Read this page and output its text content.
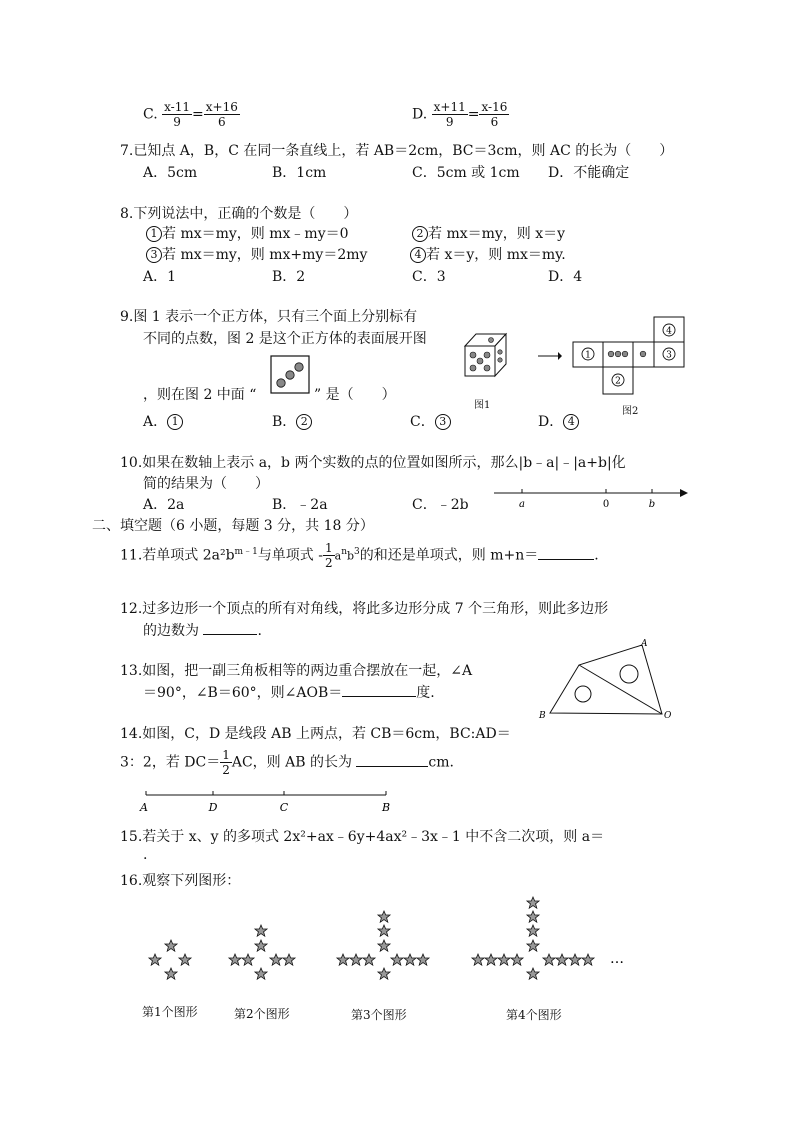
C. $\frac{x-11}{9} = \frac{x+16}{6}$	D. $\frac{x+11}{9} = \frac{x-16}{6}$
7.已知点 A，B，C 在同一条直线上，若 AB＝2cm，BC＝3cm，则 AC 的长为（　　）
A．5cm	B．1cm	C．5cm 或 1cm D．不能确定
8.下列说法中，正确的个数是（　　）
1 若 mx＝my，则 mx﹣my＝0	2 若 mx＝my，则 x＝y
3 若 mx＝my，则 mx+my＝2my	4 若 x＝y，则 mx＝my.
A．1	B．2	C．3	D．4
9.图 1 表示一个正方体，只有三个面上分别标有
不同的点数，图 2 是这个正方体的表面展开图
，则在图 2 中面 “	” 是（　　）
A． 1	B． 2	C． 3	D． 4
图1
4
1	3
2
图2
10.如果在数轴上表示 a，b 两个实数的点的位置如图所示，那么|b﹣a|﹣|a+b|化
简的结果为（　　）
A．2a	B．﹣2a	C．﹣2b	a	0	b
二、填空题（6 小题，每题 3 分，共 18 分）
11.若单项式 $2a^2b^{m﹣1}$与单项式 - $\frac{1}{2} a^nb^3$的和还是单项式，则 m+n＝	.
12.过多边形一个顶点的所有对角线，将此多边形分成 7 个三角形，则此多边形
的边数为	.
13.如图，把一副三角板相等的两边重合摆放在一起，∠A
＝90°，∠B＝60°，则∠AOB＝	度.
A
B	O
14.如图，C，D 是线段 AB 上两点，若 CB＝6cm，BC:AD＝
3：2，若 $DC= \frac{1}{2}$ AC，则 AB 的长为	cm.
A	D	C	B
15.若关于 x、y 的多项式 2x²+ax﹣6y+4ax²﹣3x﹣1 中不含二次项，则 a＝
.
16.观察下列图形：
…
第1个图形	第2个图形	第3个图形	第4个图形
